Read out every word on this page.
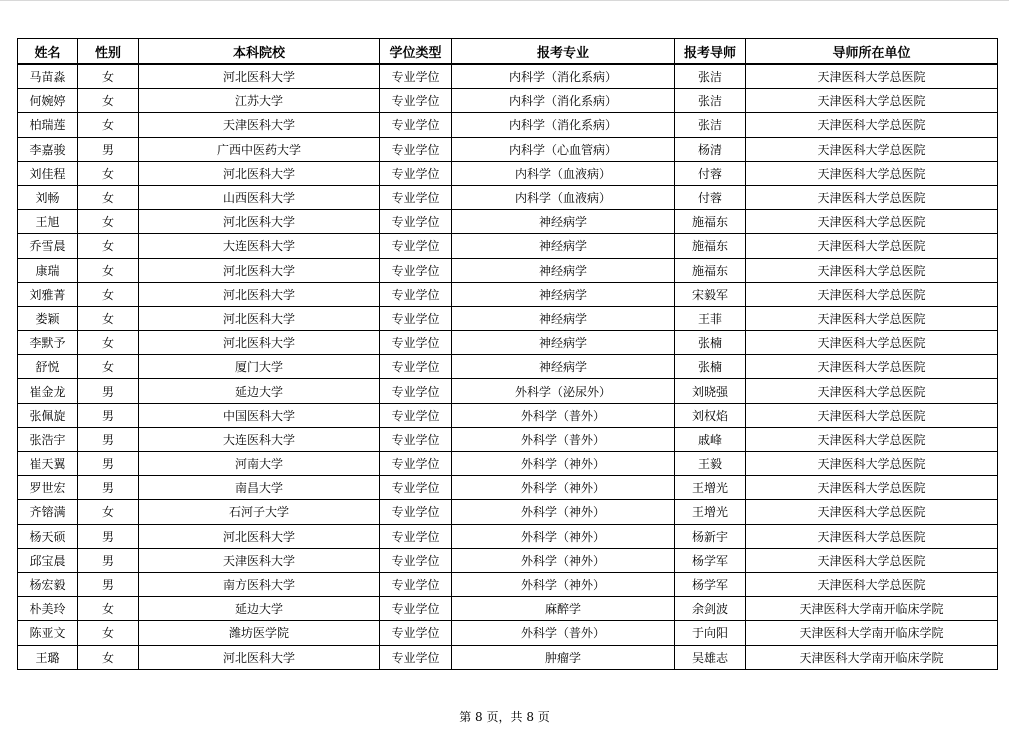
姓名	性别	本科院校	学位类型	报考专业	报考导师	导师所在单位
马苗淼	女	河北医科大学	专业学位	内科学（消化系病）	张洁	天津医科大学总医院
何婉婷	女	江苏大学	专业学位	内科学（消化系病）	张洁	天津医科大学总医院
柏瑞莲	女	天津医科大学	专业学位	内科学（消化系病）	张洁	天津医科大学总医院
李嘉骏	男	广西中医药大学	专业学位	内科学（心血管病）	杨清	天津医科大学总医院
刘佳程	女	河北医科大学	专业学位	内科学（血液病）	付蓉	天津医科大学总医院
刘畅	女	山西医科大学	专业学位	内科学（血液病）	付蓉	天津医科大学总医院
王旭	女	河北医科大学	专业学位	神经病学	施福东	天津医科大学总医院
乔雪晨	女	大连医科大学	专业学位	神经病学	施福东	天津医科大学总医院
康瑞	女	河北医科大学	专业学位	神经病学	施福东	天津医科大学总医院
刘雅菁	女	河北医科大学	专业学位	神经病学	宋毅军	天津医科大学总医院
娄颖	女	河北医科大学	专业学位	神经病学	王菲	天津医科大学总医院
李默予	女	河北医科大学	专业学位	神经病学	张楠	天津医科大学总医院
舒悦	女	厦门大学	专业学位	神经病学	张楠	天津医科大学总医院
崔金龙	男	延边大学	专业学位	外科学（泌尿外）	刘晓强	天津医科大学总医院
张佩旋	男	中国医科大学	专业学位	外科学（普外）	刘权焰	天津医科大学总医院
张浩宇	男	大连医科大学	专业学位	外科学（普外）	戚峰	天津医科大学总医院
崔天翼	男	河南大学	专业学位	外科学（神外）	王毅	天津医科大学总医院
罗世宏	男	南昌大学	专业学位	外科学（神外）	王增光	天津医科大学总医院
齐镕满	女	石河子大学	专业学位	外科学（神外）	王增光	天津医科大学总医院
杨天硕	男	河北医科大学	专业学位	外科学（神外）	杨新宇	天津医科大学总医院
邱宝晨	男	天津医科大学	专业学位	外科学（神外）	杨学军	天津医科大学总医院
杨宏毅	男	南方医科大学	专业学位	外科学（神外）	杨学军	天津医科大学总医院
朴美玲	女	延边大学	专业学位	麻醉学	余剑波	天津医科大学南开临床学院
陈亚文	女	潍坊医学院	专业学位	外科学（普外）	于向阳	天津医科大学南开临床学院
王璐	女	河北医科大学	专业学位	肿瘤学	吴雄志	天津医科大学南开临床学院
第 8 页，共 8 页
